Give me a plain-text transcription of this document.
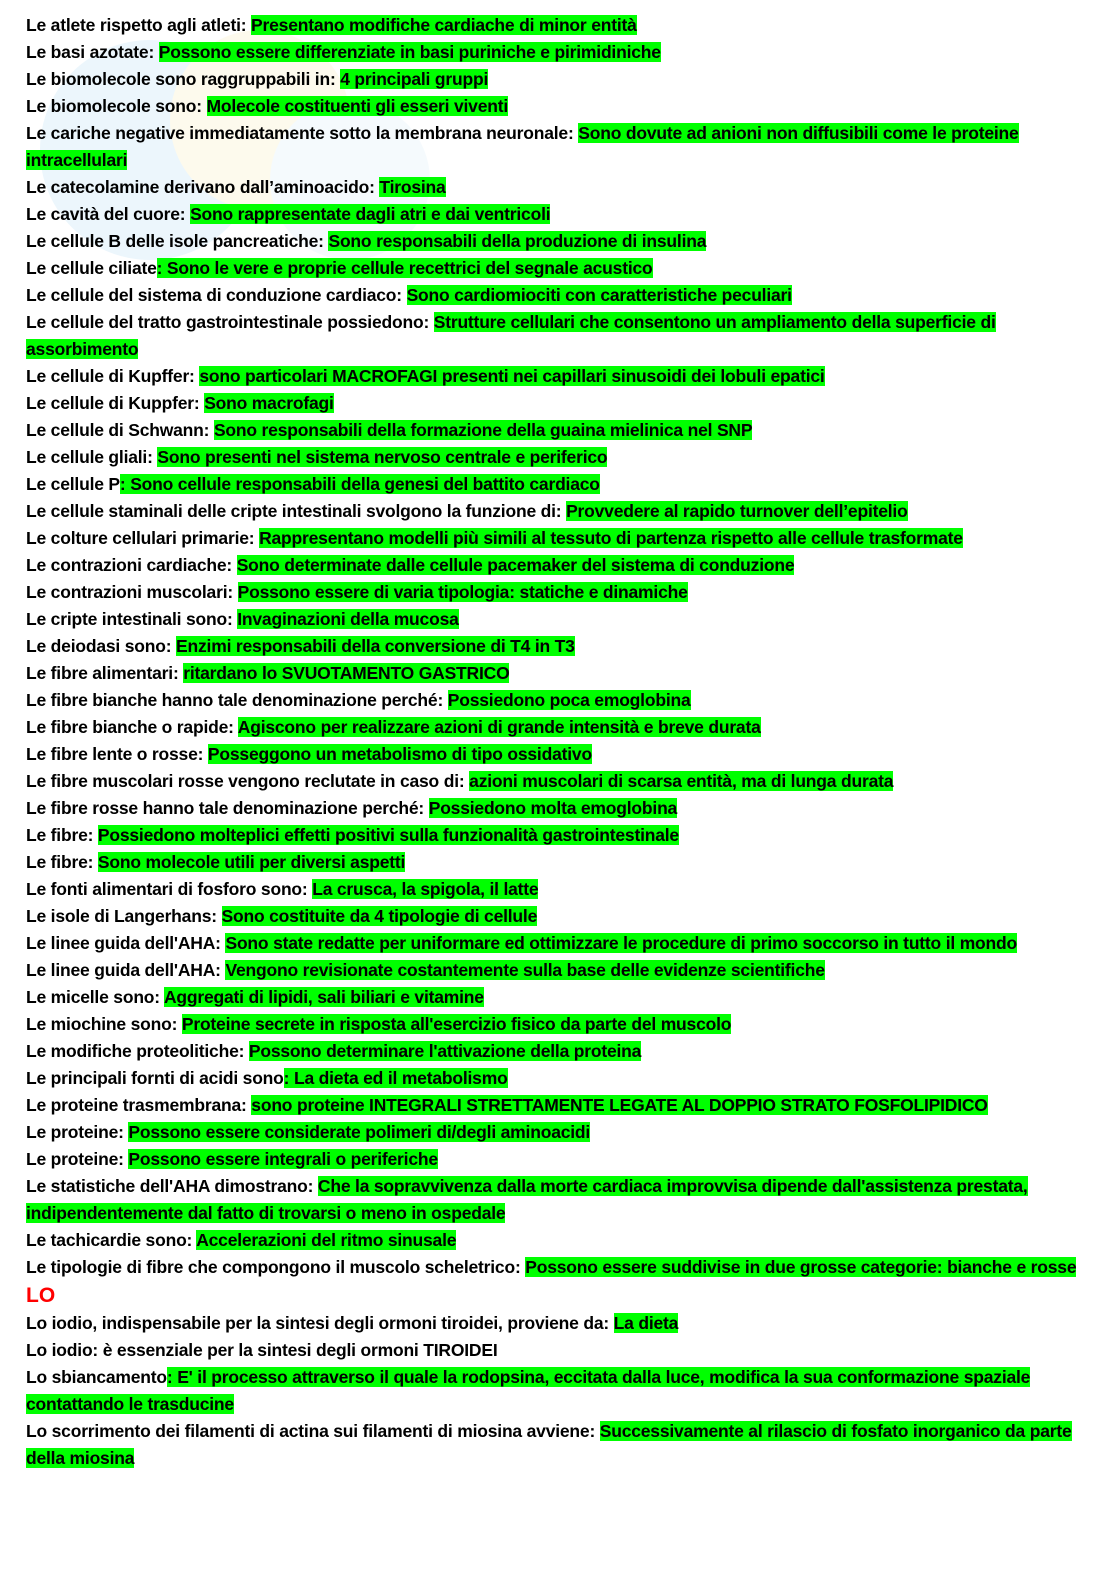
Le atlete rispetto agli atleti: Presentano modifiche cardiache di minor entità
Le basi azotate: Possono essere differenziate in basi puriniche e pirimidiniche
Le biomolecole sono raggruppabili in: 4 principali gruppi
Le biomolecole sono: Molecole costituenti gli esseri viventi
Le cariche negative immediatamente sotto la membrana neuronale: Sono dovute ad anioni non diffusibili come le proteine intracellulari
Le catecolamine derivano dall’aminoacido: Tirosina
Le cavità del cuore: Sono rappresentate dagli atri e dai ventricoli
Le cellule B delle isole pancreatiche: Sono responsabili della produzione di insulina
Le cellule ciliate: Sono le vere e proprie cellule recettrici del segnale acustico
Le cellule del sistema di conduzione cardiaco: Sono cardiomiociti con caratteristiche peculiari
Le cellule del tratto gastrointestinale possiedono: Strutture cellulari che consentono un ampliamento della superficie di assorbimento
Le cellule di Kupffer: sono particolari MACROFAGI presenti nei capillari sinusoidi dei lobuli epatici
Le cellule di Kuppfer: Sono macrofagi
Le cellule di Schwann: Sono responsabili della formazione della guaina mielinica nel SNP
Le cellule gliali: Sono presenti nel sistema nervoso centrale e periferico
Le cellule P: Sono cellule responsabili della genesi del battito cardiaco
Le cellule staminali delle cripte intestinali svolgono la funzione di: Provvedere al rapido turnover dell’epitelio
Le colture cellulari primarie: Rappresentano modelli più simili al tessuto di partenza rispetto alle cellule trasformate
Le contrazioni cardiache: Sono determinate dalle cellule pacemaker del sistema di conduzione
Le contrazioni muscolari: Possono essere di varia tipologia: statiche e dinamiche
Le cripte intestinali sono: Invaginazioni della mucosa
Le deiodasi sono: Enzimi responsabili della conversione di T4 in T3
Le fibre alimentari: ritardano lo SVUOTAMENTO GASTRICO
Le fibre bianche hanno tale denominazione perché: Possiedono poca emoglobina
Le fibre bianche o rapide: Agiscono per realizzare azioni di grande intensità e breve durata
Le fibre lente o rosse: Posseggono un metabolismo di tipo ossidativo
Le fibre muscolari rosse vengono reclutate in caso di: azioni muscolari di scarsa entità, ma di lunga durata
Le fibre rosse hanno tale denominazione perché: Possiedono molta emoglobina
Le fibre: Possiedono molteplici effetti positivi sulla funzionalità gastrointestinale
Le fibre: Sono molecole utili per diversi aspetti
Le fonti alimentari di fosforo sono: La crusca, la spigola, il latte
Le isole di Langerhans: Sono costituite da 4 tipologie di cellule
Le linee guida dell'AHA: Sono state redatte per uniformare ed ottimizzare le procedure di primo soccorso in tutto il mondo
Le linee guida dell'AHA: Vengono revisionate costantemente sulla base delle evidenze scientifiche
Le micelle sono: Aggregati di lipidi, sali biliari e vitamine
Le miochine sono: Proteine secrete in risposta all'esercizio fisico da parte del muscolo
Le modifiche proteolitiche: Possono determinare l'attivazione della proteina
Le principali fornti di acidi sono: La dieta ed il metabolismo
Le proteine trasmembrana: sono proteine INTEGRALI STRETTAMENTE LEGATE AL DOPPIO STRATO FOSFOLIPIDICO
Le proteine: Possono essere considerate polimeri di/degli aminoacidi
Le proteine: Possono essere integrali o periferiche
Le statistiche dell'AHA dimostrano: Che la sopravvivenza dalla morte cardiaca improvvisa dipende dall'assistenza prestata, indipendentemente dal fatto di trovarsi o meno in ospedale
Le tachicardie sono: Accelerazioni del ritmo sinusale
Le tipologie di fibre che compongono il muscolo scheletrico: Possono essere suddivise in due grosse categorie: bianche e rosse
LO
Lo iodio, indispensabile per la sintesi degli ormoni tiroidei, proviene da: La dieta
Lo iodio: è essenziale per la sintesi degli ormoni TIROIDEI
Lo sbiancamento: E' il processo attraverso il quale la rodopsina, eccitata dalla luce, modifica la sua conformazione spaziale contattando le trasducine
Lo scorrimento dei filamenti di actina sui filamenti di miosina avviene: Successivamente al rilascio di fosfato inorganico da parte della miosina
